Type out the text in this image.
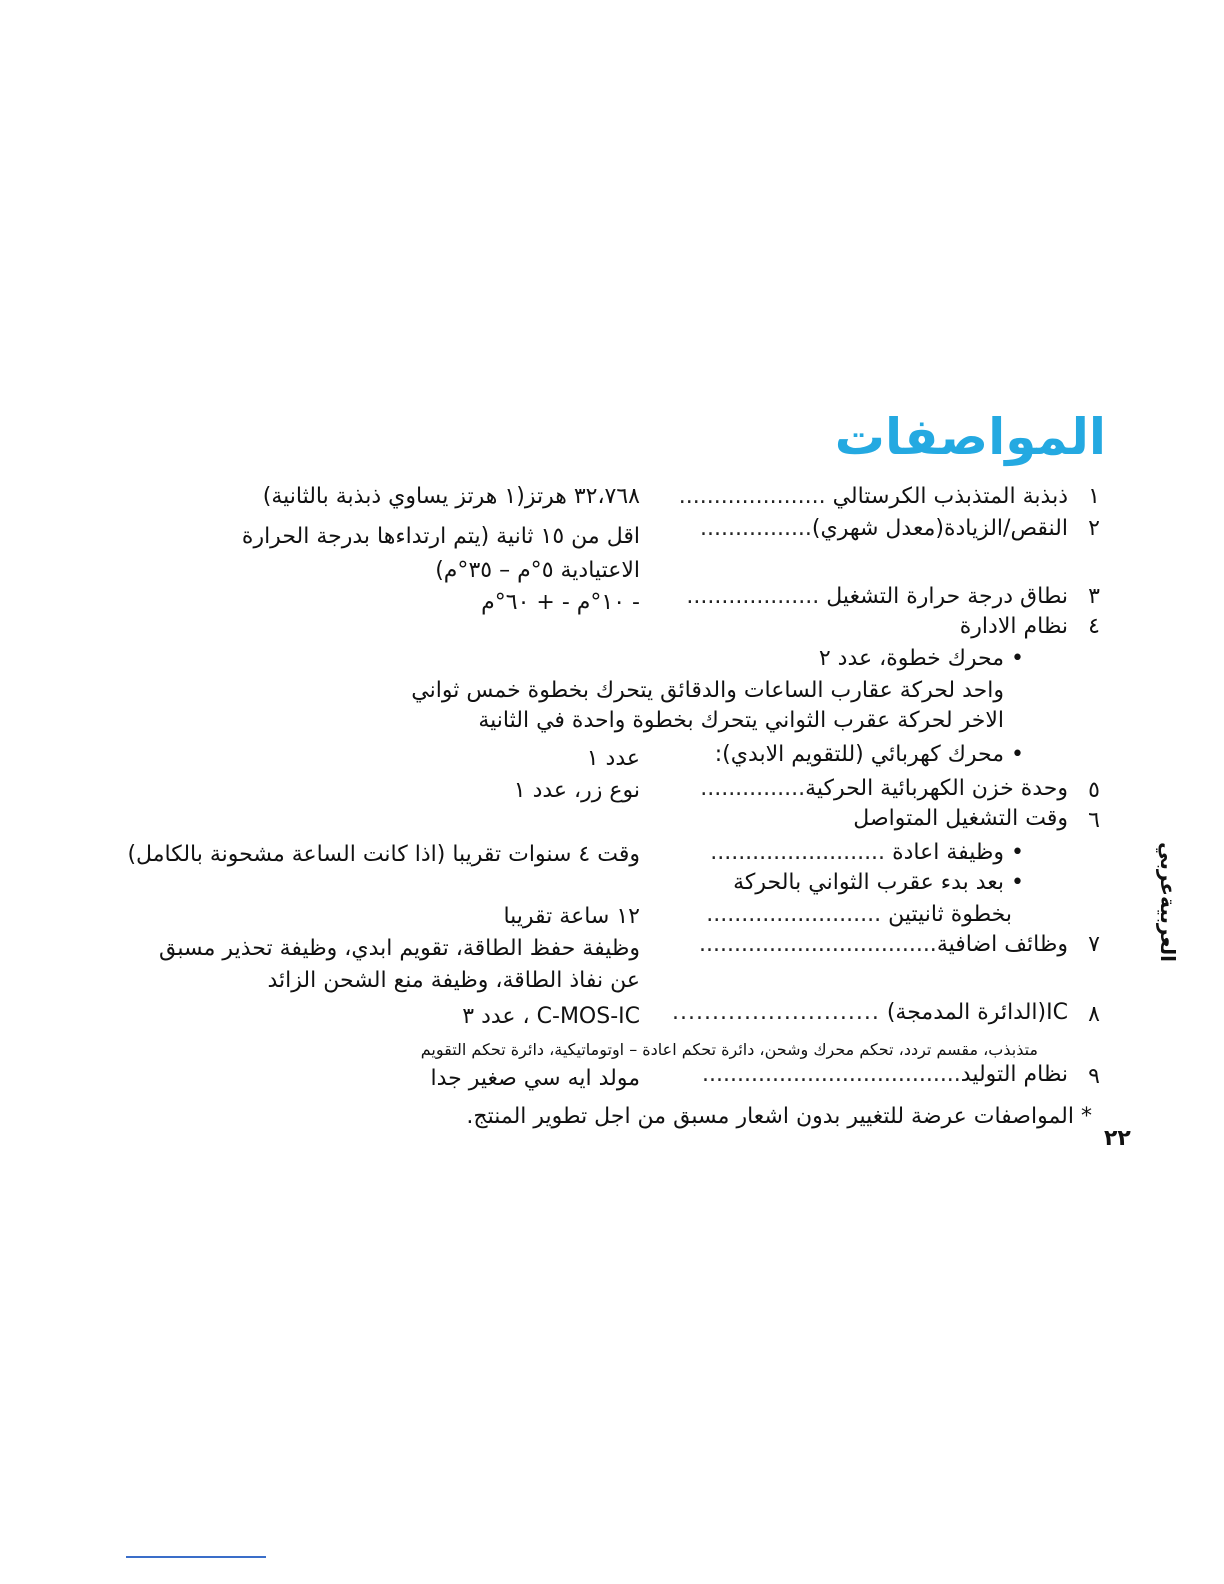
المواصفات
١
ذبذبة المتذبذب الكرستالي .....................
٣٢،٧٦٨ هرتز(١ هرتز يساوي ذبذبة بالثانية)
٢
النقص/الزيادة(معدل شهري)................
اقل من ١٥ ثانية (يتم ارتداءها بدرجة الحرارة
الاعتيادية ٥°م – ٣٥°م)
٣
نطاق درجة حرارة التشغيل ...................
- ١٠°م - + ٦٠°م
٤
نظام الادارة
• محرك خطوة، عدد ٢
واحد لحركة عقارب الساعات والدقائق يتحرك بخطوة خمس ثواني
الاخر لحركة عقرب الثواني يتحرك بخطوة واحدة في الثانية
• محرك كهربائي (للتقويم الابدي):
عدد ١
٥
وحدة خزن الكهربائية الحركية...............
نوع زر، عدد ١
٦
وقت التشغيل المتواصل
• وظيفة اعادة .........................
وقت ٤ سنوات تقريبا (اذا كانت الساعة مشحونة بالكامل)
• بعد بدء عقرب الثواني بالحركة
بخطوة ثانيتين .........................
١٢ ساعة تقريبا
٧
وظائف اضافية..................................
وظيفة حفظ الطاقة، تقويم ابدي، وظيفة تحذير مسبق
عن نفاذ الطاقة، وظيفة منع الشحن الزائد
٨
IC(الدائرة المدمجة) ..........................
C-MOS-IC ، عدد ٣
متذبذب، مقسم تردد، تحكم محرك وشحن، دائرة تحكم اعادة – اوتوماتيكية، دائرة تحكم التقويم
٩
نظام التوليد.....................................
مولد ايه سي صغير جدا
* المواصفات عرضة للتغيير بدون اشعار مسبق من اجل تطوير المنتج.
٢٢
عربي
العربية
